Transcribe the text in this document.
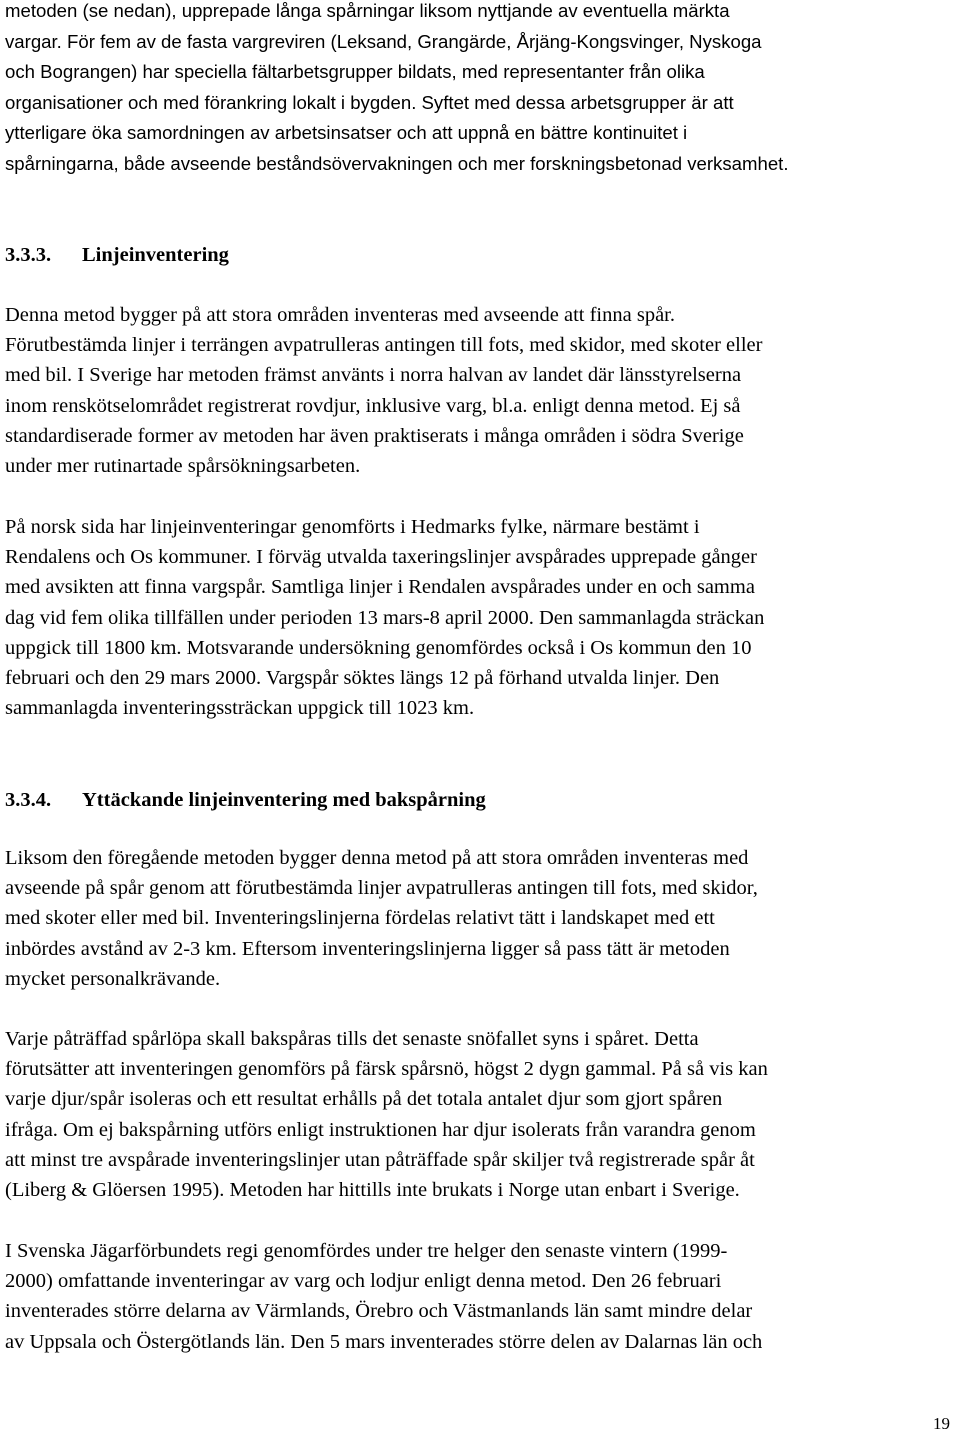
metoden (se nedan), upprepade långa spårningar liksom nyttjande av eventuella märkta
vargar. För fem av de fasta vargreviren (Leksand, Grangärde, Årjäng-Kongsvinger, Nyskoga
och Bograngen) har speciella fältarbetsgrupper bildats, med representanter från olika
organisationer och med förankring lokalt i bygden. Syftet med dessa arbetsgrupper är att
ytterligare öka samordningen av arbetsinsatser och att uppnå en bättre kontinuitet i
spårningarna, både avseende beståndsövervakningen och mer forskningsbetonad verksamhet.

3.3.3. Linjeinventering

Denna metod bygger på att stora områden inventeras med avseende att finna spår.
Förutbestämda linjer i terrängen avpatrulleras antingen till fots, med skidor, med skoter eller
med bil. I Sverige har metoden främst använts i norra halvan av landet där länsstyrelserna
inom renskötselområdet registrerat rovdjur, inklusive varg, bl.a. enligt denna metod. Ej så
standardiserade former av metoden har även praktiserats i många områden i södra Sverige
under mer rutinartade spårsökningsarbeten.

På norsk sida har linjeinventeringar genomförts i Hedmarks fylke, närmare bestämt i
Rendalens och Os kommuner. I förväg utvalda taxeringslinjer avspårades upprepade gånger
med avsikten att finna vargspår. Samtliga linjer i Rendalen avspårades under en och samma
dag vid fem olika tillfällen under perioden 13 mars-8 april 2000. Den sammanlagda sträckan
uppgick till 1800 km. Motsvarande undersökning genomfördes också i Os kommun den 10
februari och den 29 mars 2000. Vargspår söktes längs 12 på förhand utvalda linjer. Den
sammanlagda inventeringssträckan uppgick till 1023 km.

3.3.4. Yttäckande linjeinventering med bakspårning

Liksom den föregående metoden bygger denna metod på att stora områden inventeras med
avseende på spår genom att förutbestämda linjer avpatrulleras antingen till fots, med skidor,
med skoter eller med bil. Inventeringslinjerna fördelas relativt tätt i landskapet med ett
inbördes avstånd av 2-3 km. Eftersom inventeringslinjerna ligger så pass tätt är metoden
mycket personalkrävande.

Varje påträffad spårlöpa skall bakspåras tills det senaste snöfallet syns i spåret. Detta
förutsätter att inventeringen genomförs på färsk spårsnö, högst 2 dygn gammal. På så vis kan
varje djur/spår isoleras och ett resultat erhålls på det totala antalet djur som gjort spåren
ifråga. Om ej bakspårning utförs enligt instruktionen har djur isolerats från varandra genom
att minst tre avspårade inventeringslinjer utan påträffade spår skiljer två registrerade spår åt
(Liberg & Glöersen 1995). Metoden har hittills inte brukats i Norge utan enbart i Sverige.

I Svenska Jägarförbundets regi genomfördes under tre helger den senaste vintern (1999-
2000) omfattande inventeringar av varg och lodjur enligt denna metod. Den 26 februari
inventerades större delarna av Värmlands, Örebro och Västmanlands län samt mindre delar
av Uppsala och Östergötlands län. Den 5 mars inventerades större delen av Dalarnas län och

19
